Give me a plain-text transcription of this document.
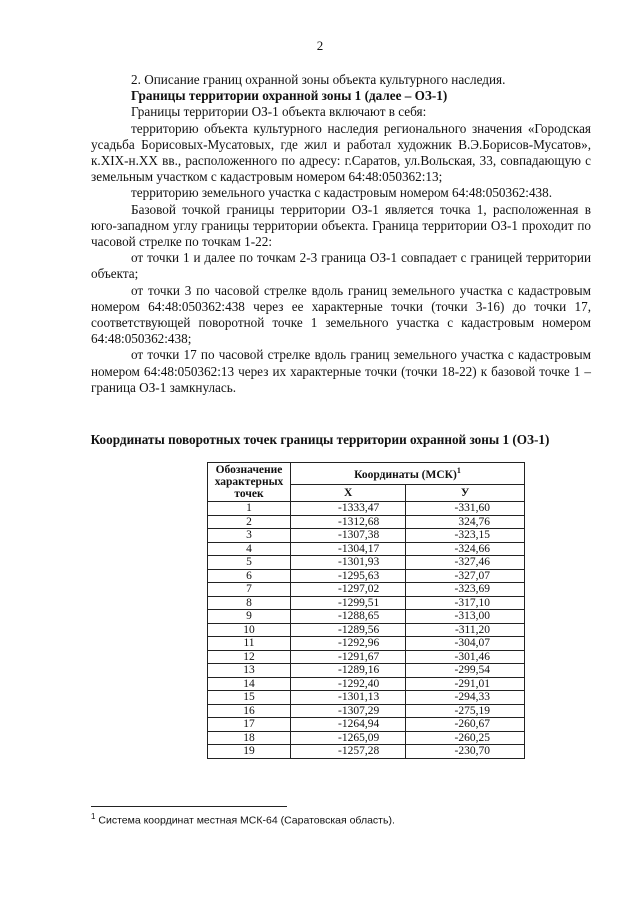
2

2. Описание границ охранной зоны объекта культурного наследия.

Границы территории охранной зоны 1 (далее – ОЗ-1)

Границы территории ОЗ-1 объекта включают в себя:

территорию объекта культурного наследия регионального значения «Городская усадьба Борисовых-Мусатовых, где жил и работал художник В.Э.Борисов-Мусатов», к.XIX-н.XX вв., расположенного по адресу: г.Саратов, ул.Вольская, 33, совпадающую с земельным участком с кадастровым номером 64:48:050362:13;

территорию земельного участка с кадастровым номером 64:48:050362:438.

Базовой точкой границы территории ОЗ-1 является точка 1, расположенная в юго-западном углу границы территории объекта. Граница территории ОЗ-1 проходит по часовой стрелке по точкам 1-22:

от точки 1 и далее по точкам 2-3 граница ОЗ-1 совпадает с границей территории объекта;

от точки 3 по часовой стрелке вдоль границ земельного участка с кадастровым номером 64:48:050362:438 через ее характерные точки (точки 3-16) до точки 17, соответствующей поворотной точке 1 земельного участка с кадастровым номером 64:48:050362:438;

от точки 17 по часовой стрелке вдоль границ земельного участка с кадастровым номером 64:48:050362:13 через их характерные точки (точки 18-22) к базовой точке 1 – граница ОЗ-1 замкнулась.

Координаты поворотных точек границы территории охранной зоны 1 (ОЗ-1)
Обозначение характерных точек	Координаты (МСК)$^1$
	X	У
1	-1333,47	-331,60
2	-1312,68	324,76
3	-1307,38	-323,15
4	-1304,17	-324,66
5	-1301,93	-327,46
6	-1295,63	-327,07
7	-1297,02	-323,69
8	-1299,51	-317,10
9	-1288,65	-313,00
10	-1289,56	-311,20
11	-1292,96	-304,07
12	-1291,67	-301,46
13	-1289,16	-299,54
14	-1292,40	-291,01
15	-1301,13	-294,33
16	-1307,29	-275,19
17	-1264,94	-260,67
18	-1265,09	-260,25
19	-1257,28	-230,70
$^1$ Система координат местная МСК-64 (Саратовская область).
